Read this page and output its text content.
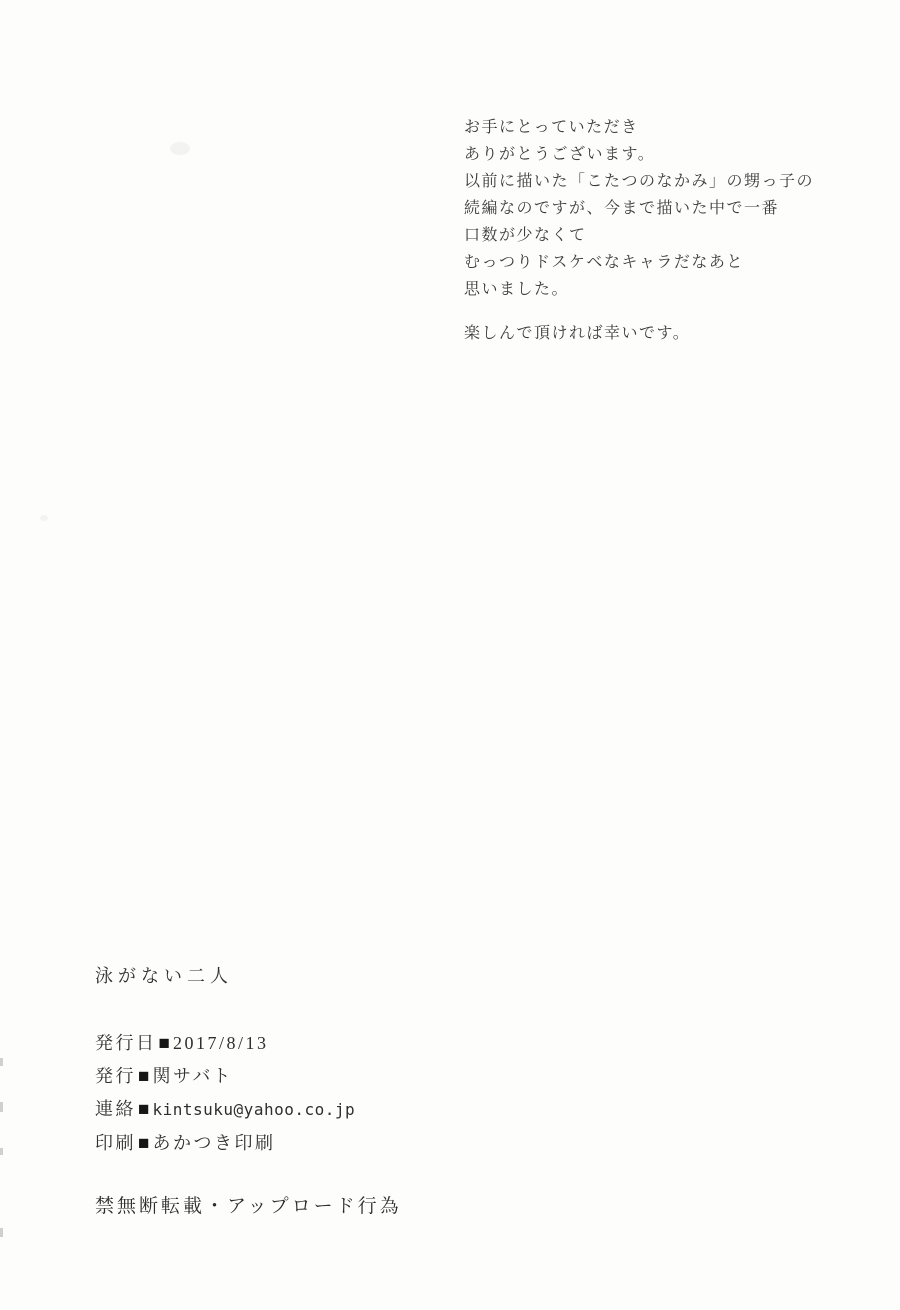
お手にとっていただき

ありがとうございます。

以前に描いた「こたつのなかみ」の甥っ子の

続編なのですが、今まで描いた中で一番

口数が少なくて

むっつりドスケベなキャラだなあと

思いました。

楽しんで頂ければ幸いです。

泳がない二人
発行日 ■ 2017/8/13
発行 ■ 関サバト
連絡 ■ kintsuku@yahoo.co.jp
印刷 ■ あかつき印刷
禁無断転載・アップロード行為
